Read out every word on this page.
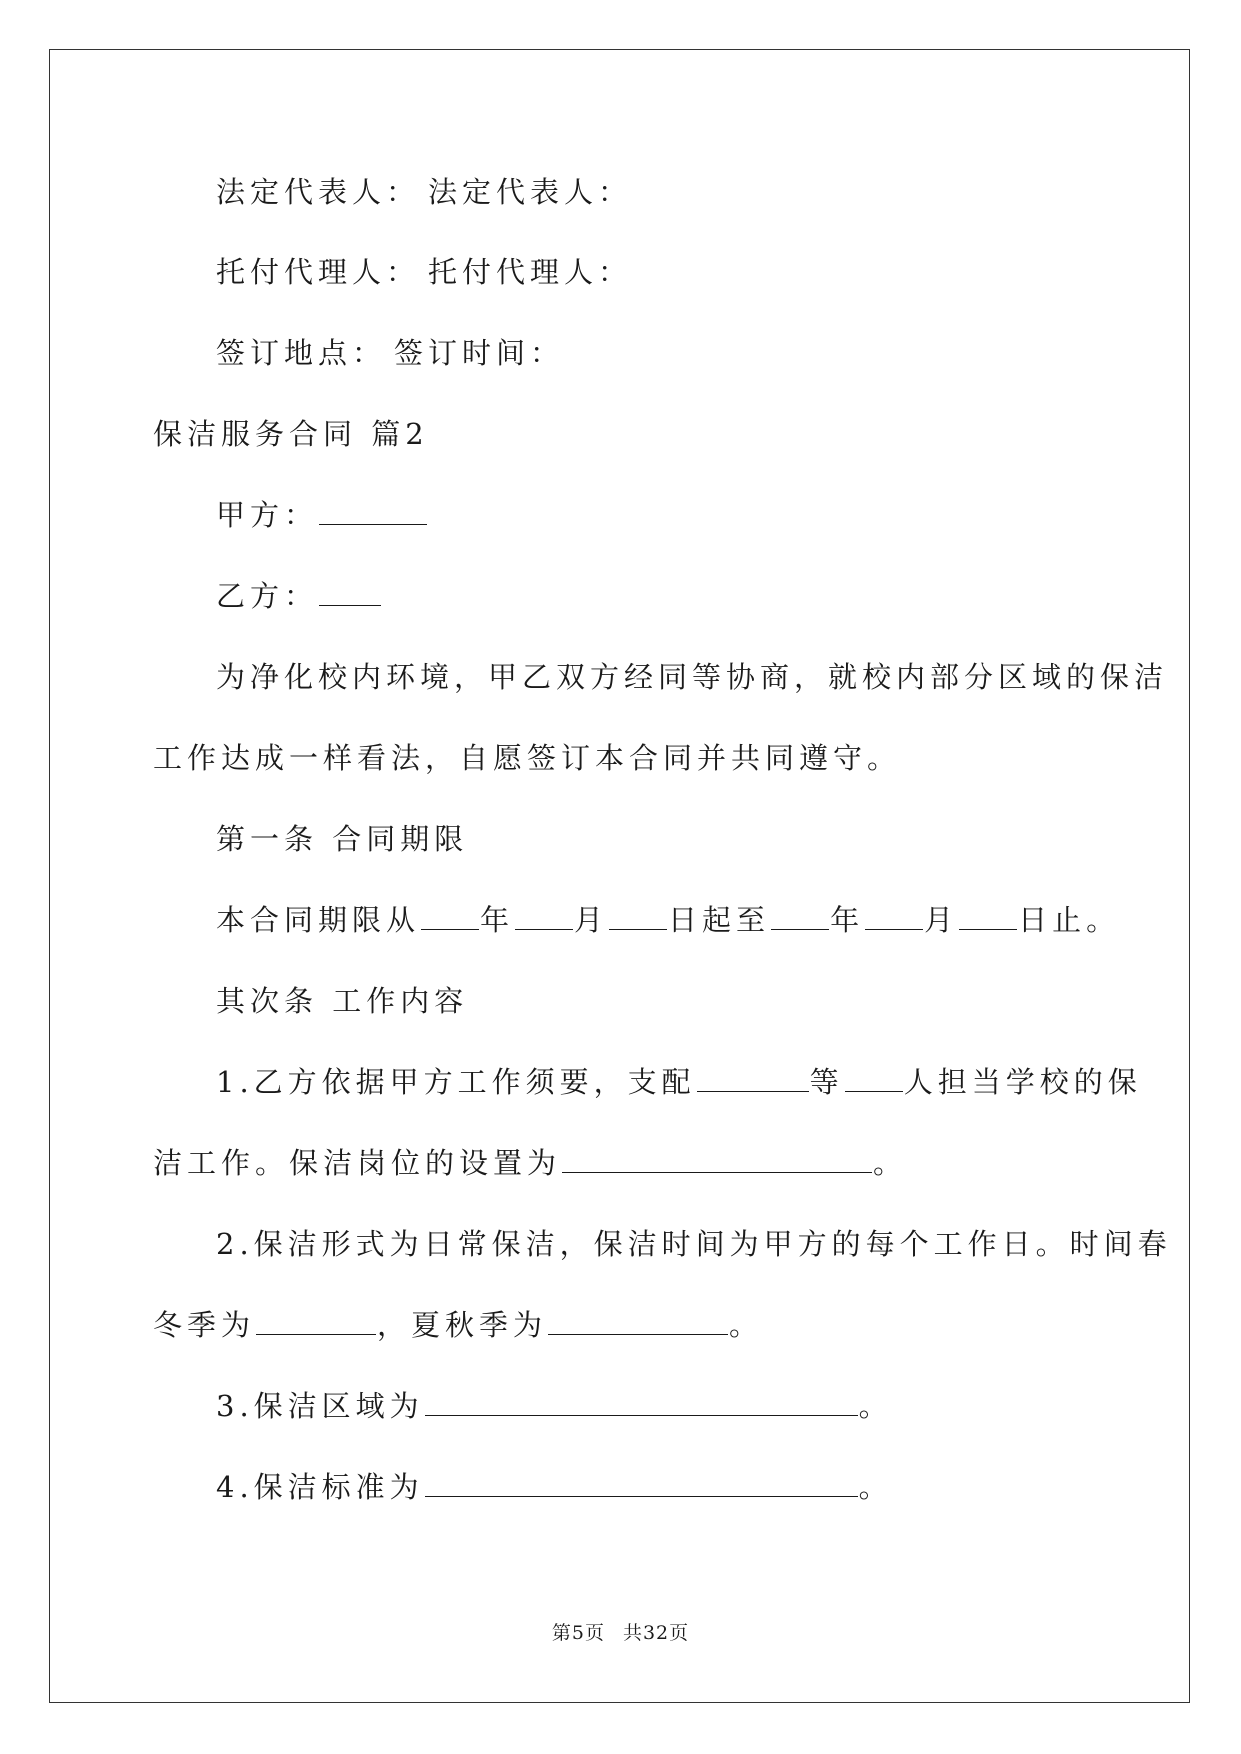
法定代表人： 法定代表人：
托付代理人： 托付代理人：
签订地点： 签订时间：
保洁服务合同 篇2
甲方：
乙方：
为净化校内环境，甲乙双方经同等协商，就校内部分区域的保洁
工作达成一样看法，自愿签订本合同并共同遵守。
第一条 合同期限
本合同期限从 年 月 日起至 年 月 日止。
其次条 工作内容
1.乙方依据甲方工作须要，支配	等 人担当学校的保
洁工作。保洁岗位的设置为	。
2.保洁形式为日常保洁，保洁时间为甲方的每个工作日。时间春
冬季为	，夏秋季为	。
3.保洁区域为	。
4.保洁标准为	。
第5页 共32页
